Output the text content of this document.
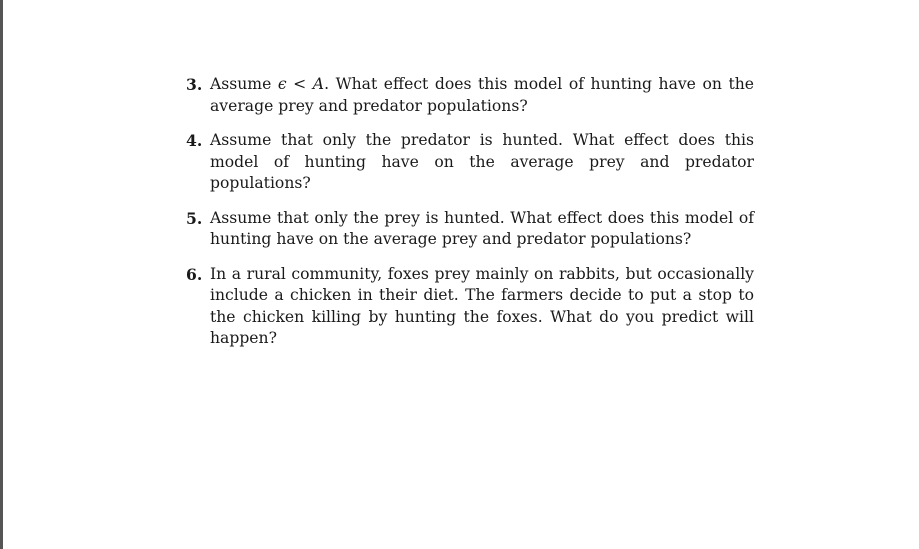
3. Assume ϵ < A. What effect does this model of hunting have on the average prey and predator populations?
4. Assume that only the predator is hunted. What effect does this model of hunting have on the average prey and predator populations?
5. Assume that only the prey is hunted. What effect does this model of hunting have on the average prey and predator populations?
6. In a rural community, foxes prey mainly on rabbits, but occasionally include a chicken in their diet. The farmers decide to put a stop to the chicken killing by hunting the foxes. What do you predict will happen?
